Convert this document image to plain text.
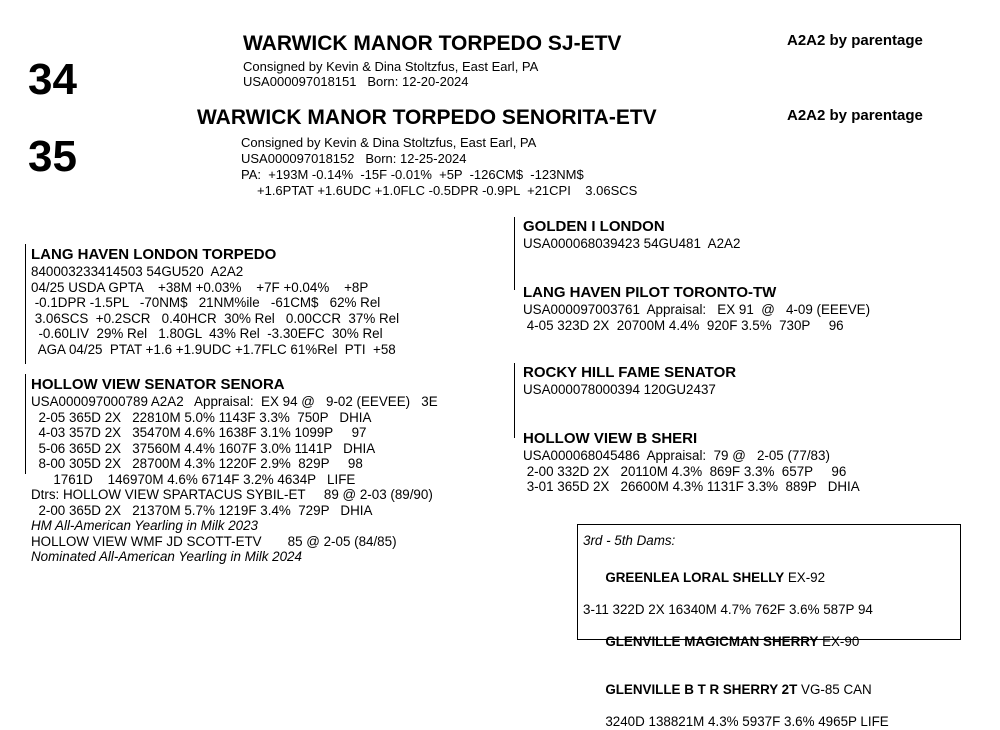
34
WARWICK MANOR TORPEDO SJ-ETV	A2A2 by parentage
Consigned by Kevin & Dina Stoltzfus, East Earl, PA
USA000097018151   Born: 12-20-2024
35
WARWICK MANOR TORPEDO SENORITA-ETV	A2A2 by parentage
Consigned by Kevin & Dina Stoltzfus, East Earl, PA
USA000097018152   Born: 12-25-2024
PA:  +193M -0.14%  -15F -0.01%  +5P  -126CM$  -123NM$
+1.6PTAT +1.6UDC +1.0FLC -0.5DPR -0.9PL  +21CPI    3.06SCS
LANG HAVEN LONDON TORPEDO
840003233414503 54GU520  A2A2
04/25 USDA GPTA    +38M +0.03%    +7F +0.04%    +8P
-0.1DPR -1.5PL   -70NM$   21NM%ile   -61CM$   62% Rel
3.06SCS  +0.2SCR   0.40HCR  30% Rel   0.00CCR  37% Rel
-0.60LIV  29% Rel   1.80GL  43% Rel  -3.30EFC  30% Rel
AGA 04/25  PTAT +1.6 +1.9UDC +1.7FLC 61%Rel  PTI  +58
HOLLOW VIEW SENATOR SENORA
USA000097000789 A2A2   Appraisal:  EX 94 @   9-02 (EEVEE)   3E
2-05 365D 2X   22810M 5.0% 1143F 3.3%  750P   DHIA
4-03 357D 2X   35470M 4.6% 1638F 3.1% 1099P     97
5-06 365D 2X   37560M 4.4% 1607F 3.0% 1141P   DHIA
8-00 305D 2X   28700M 4.3% 1220F 2.9%  829P     98
1761D    146970M 4.6% 6714F 3.2% 4634P   LIFE
Dtrs: HOLLOW VIEW SPARTACUS SYBIL-ET     89 @ 2-03 (89/90)
2-00 365D 2X   21370M 5.7% 1219F 3.4%  729P   DHIA
HM All-American Yearling in Milk 2023
HOLLOW VIEW WMF JD SCOTT-ETV       85 @ 2-05 (84/85)
Nominated All-American Yearling in Milk 2024
GOLDEN I LONDON
USA000068039423 54GU481  A2A2
LANG HAVEN PILOT TORONTO-TW
USA000097003761  Appraisal:   EX 91  @   4-09 (EEEVE)
4-05 323D 2X  20700M 4.4%  920F 3.5%  730P     96
ROCKY HILL FAME SENATOR
USA000078000394 120GU2437
HOLLOW VIEW B SHERI
USA000068045486  Appraisal:  79 @   2-05 (77/83)
2-00 332D 2X   20110M 4.3%  869F 3.3%  657P     96
3-01 365D 2X   26600M 4.3% 1131F 3.3%  889P   DHIA
3rd - 5th Dams:

GREENLEA LORAL SHELLY EX-92

3-11 322D 2X 16340M 4.7% 762F 3.6% 587P 94

GLENVILLE MAGICMAN SHERRY EX-90

GLENVILLE B T R SHERRY 2T VG-85 CAN

3240D 138821M 4.3% 5937F 3.6% 4965P LIFE
